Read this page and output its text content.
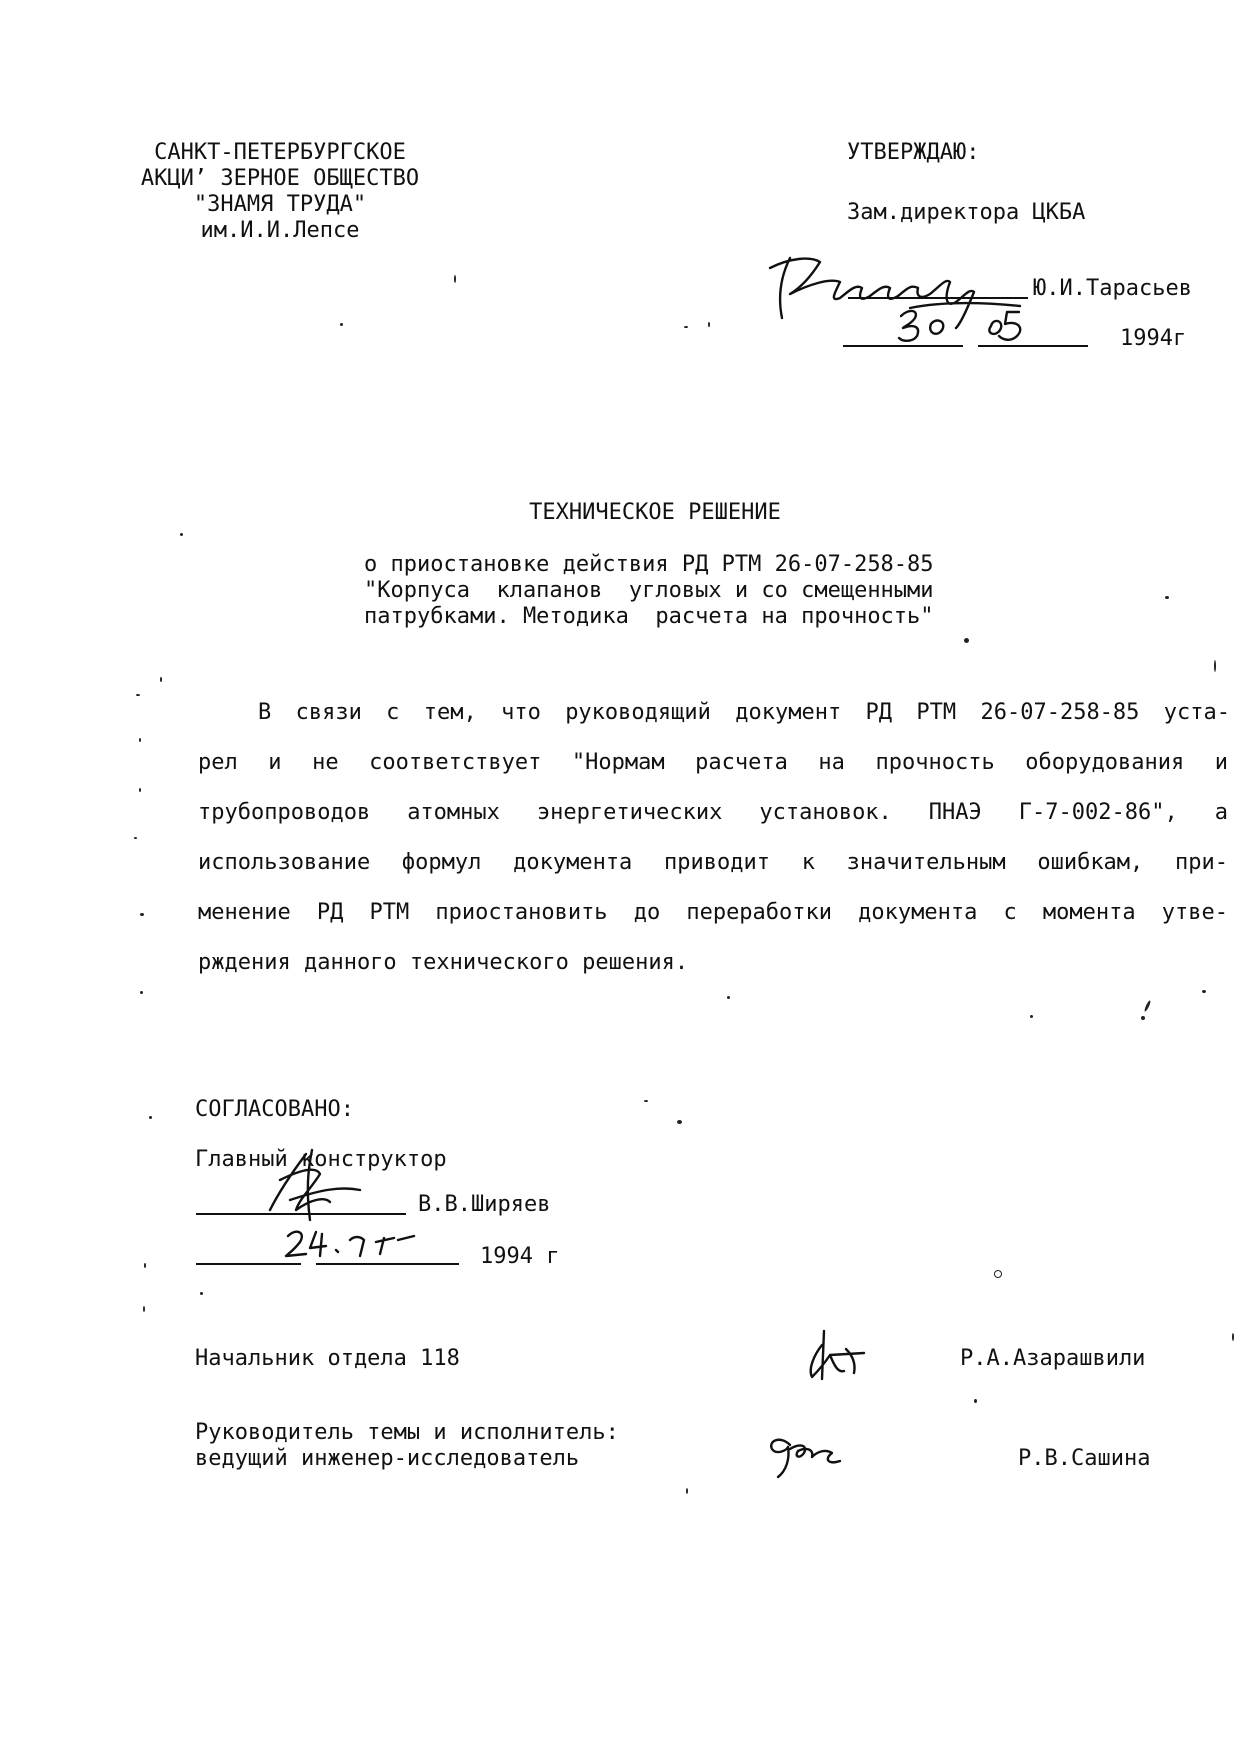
САНКТ-ПЕТЕРБУРГСКОЕ
АКЦИ’ ЗЕРНОЕ ОБЩЕСТВО
"ЗНАМЯ ТРУДА"
им.И.И.Лепсе
УТВЕРЖДАЮ:
Зам.директора ЦКБА
Ю.И.Тарасьев
1994г
ТЕХНИЧЕСКОЕ РЕШЕНИЕ
о приостановке действия РД РТМ 26-07-258-85
"Корпуса  клапанов  угловых и со смещенными
патрубками. Методика  расчета на прочность"
В связи с тем, что руководящий документ РД РТМ 26-07-258-85 уста-
рел и не соответствует "Нормам расчета на прочность оборудования и
трубопроводов атомных энергетических установок. ПНАЭ Г-7-002-86", а
использование формул документа приводит к значительным ошибкам, при-
менение РД РТМ приостановить до переработки документа с момента утве-
рждения данного технического решения.
СОГЛАСОВАНО:
Главный конструктор
В.В.Ширяев
1994 г
Начальник отдела 118	Р.А.Азарашвили
Руководитель темы и исполнитель:
ведущий инженер-исследователь	Р.В.Сашина
